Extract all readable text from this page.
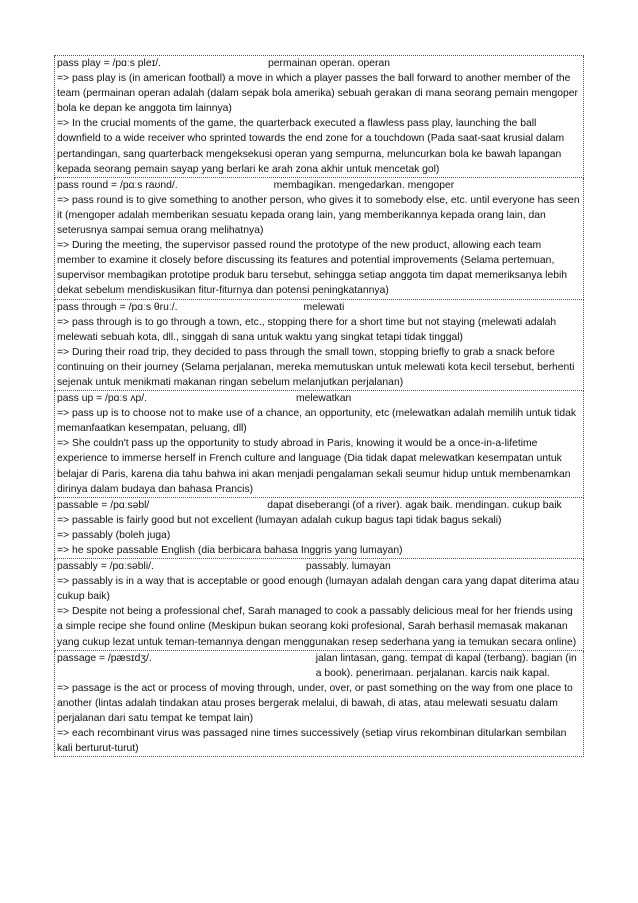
pass play = /pɑːs pleɪ/.	permainan operan. operan
=> pass play is (in american football) a move in which a player passes the ball forward to another member of the team (permainan operan adalah (dalam sepak bola amerika) sebuah gerakan di mana seorang pemain mengoper bola ke depan ke anggota tim lainnya)
=> In the crucial moments of the game, the quarterback executed a flawless pass play, launching the ball downfield to a wide receiver who sprinted towards the end zone for a touchdown (Pada saat-saat krusial dalam pertandingan, sang quarterback mengeksekusi operan yang sempurna, meluncurkan bola ke bawah lapangan kepada seorang pemain sayap yang berlari ke arah zona akhir untuk mencetak gol)
pass round = /pɑːs raʊnd/.	membagikan. mengedarkan. mengoper
=> pass round is to give something to another person, who gives it to somebody else, etc. until everyone has seen it (mengoper adalah memberikan sesuatu kepada orang lain, yang memberikannya kepada orang lain, dan seterusnya sampai semua orang melihatnya)
=> During the meeting, the supervisor passed round the prototype of the new product, allowing each team member to examine it closely before discussing its features and potential improvements (Selama pertemuan, supervisor membagikan prototipe produk baru tersebut, sehingga setiap anggota tim dapat memeriksanya lebih dekat sebelum mendiskusikan fitur-fiturnya dan potensi peningkatannya)
pass through = /pɑːs θruː/.	melewati
=> pass through is to go through a town, etc., stopping there for a short time but not staying (melewati adalah melewati sebuah kota, dll., singgah di sana untuk waktu yang singkat tetapi tidak tinggal)
=> During their road trip, they decided to pass through the small town, stopping briefly to grab a snack before continuing on their journey (Selama perjalanan, mereka memutuskan untuk melewati kota kecil tersebut, berhenti sejenak untuk menikmati makanan ringan sebelum melanjutkan perjalanan)
pass up = /pɑːs ʌp/.	melewatkan
=> pass up is to choose not to make use of a chance, an opportunity, etc (melewatkan adalah memilih untuk tidak memanfaatkan kesempatan, peluang, dll)
=> She couldn't pass up the opportunity to study abroad in Paris, knowing it would be a once-in-a-lifetime experience to immerse herself in French culture and language (Dia tidak dapat melewatkan kesempatan untuk belajar di Paris, karena dia tahu bahwa ini akan menjadi pengalaman sekali seumur hidup untuk membenamkan dirinya dalam budaya dan bahasa Prancis)
passable = /pɑːsəbl/	dapat diseberangi (of a river). agak baik. mendingan. cukup baik
=> passable is fairly good but not excellent (lumayan adalah cukup bagus tapi tidak bagus sekali)
=> passably (boleh juga)
=> he spoke passable English (dia berbicara bahasa Inggris yang lumayan)
passably = /pɑːsəbli/.	passably. lumayan
=> passably is in a way that is acceptable or good enough (lumayan adalah dengan cara yang dapat diterima atau cukup baik)
=> Despite not being a professional chef, Sarah managed to cook a passably delicious meal for her friends using a simple recipe she found online (Meskipun bukan seorang koki profesional, Sarah berhasil memasak makanan yang cukup lezat untuk teman-temannya dengan menggunakan resep sederhana yang ia temukan secara online)
passage = /pæsɪdʒ/.	jalan lintasan, gang. tempat di kapal (terbang). bagian (in a book). penerimaan. perjalanan. karcis naik kapal.
=> passage is the act or process of moving through, under, over, or past something on the way from one place to another (lintas adalah tindakan atau proses bergerak melalui, di bawah, di atas, atau melewati sesuatu dalam perjalanan dari satu tempat ke tempat lain)
=> each recombinant virus was passaged nine times successively (setiap virus rekombinan ditularkan sembilan kali berturut-turut)
